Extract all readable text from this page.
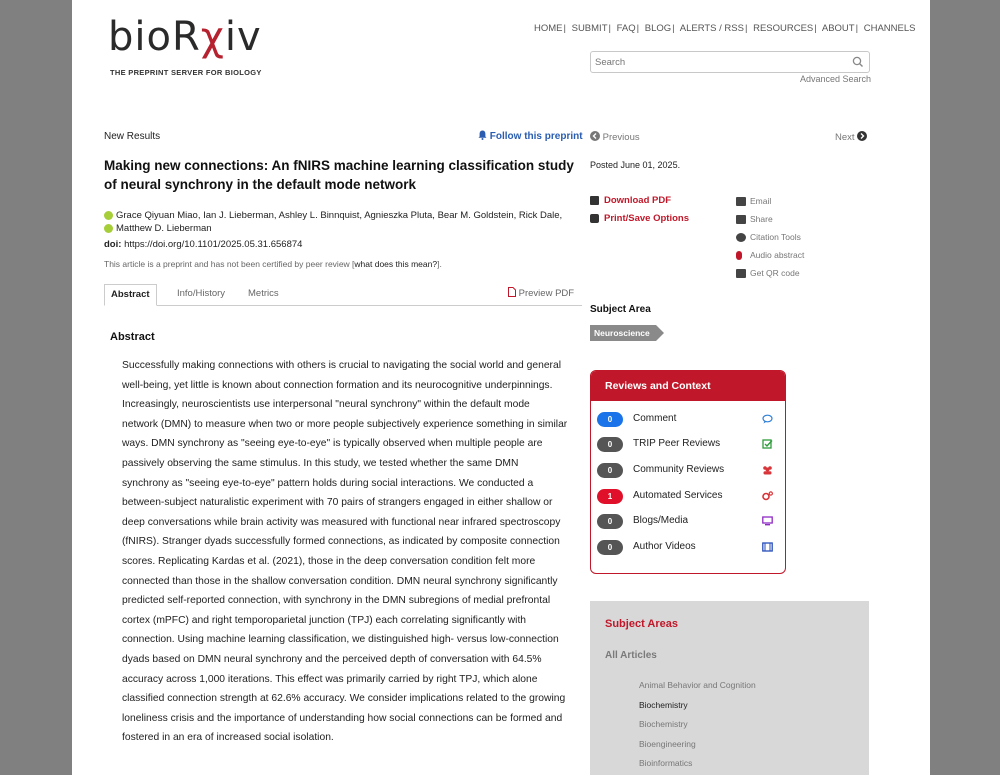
bioRχiv
THE PREPRINT SERVER FOR BIOLOGY
HOME| SUBMIT| FAQ| BLOG| ALERTS / RSS| RESOURCES| ABOUT| CHANNELS
Search
Advanced Search
New Results	Follow this preprint	Previous	Next
Making new connections: An fNIRS machine learning classification study of neural synchrony in the default mode network
Posted June 01, 2025.
Grace Qiyuan Miao, Ian J. Lieberman, Ashley L. Binnquist, Agnieszka Pluta, Bear M. Goldstein, Rick Dale,
Matthew D. Lieberman
doi: https://doi.org/10.1101/2025.05.31.656874
This article is a preprint and has not been certified by peer review [what does this mean?].
Abstract	Info/History Metrics	Preview PDF
Abstract
Successfully making connections with others is crucial to navigating the social world and general well-being, yet little is known about connection formation and its neurocognitive underpinnings. Increasingly, neuroscientists use interpersonal "neural synchrony" within the default mode network (DMN) to measure when two or more people subjectively experience something in similar ways. DMN synchrony as "seeing eye-to-eye" is typically observed when multiple people are passively observing the same stimulus. In this study, we tested whether the same DMN synchrony as "seeing eye-to-eye" pattern holds during social interactions. We conducted a between-subject naturalistic experiment with 70 pairs of strangers engaged in either shallow or deep conversations while brain activity was measured with functional near infrared spectroscopy (fNIRS). Stranger dyads successfully formed connections, as indicated by composite connection scores. Replicating Kardas et al. (2021), those in the deep conversation condition felt more connected than those in the shallow conversation condition. DMN neural synchrony significantly predicted self-reported connection, with synchrony in the DMN subregions of medial prefrontal cortex (mPFC) and right temporoparietal junction (TPJ) each correlating significantly with connection. Using machine learning classification, we distinguished high- versus low-connection dyads based on DMN neural synchrony and the perceived depth of conversation with 64.5% accuracy across 1,000 iterations. This effect was primarily carried by right TPJ, which alone classified connection strength at 62.6% accuracy. We consider implications related to the growing loneliness crisis and the importance of understanding how social connections can be formed and fostered in an era of increased social isolation.
Download PDF
Print/Save Options
Email
Share
Citation Tools
Audio abstract
Get QR code
Subject Area
Neuroscience
Reviews and Context
0	Comment
0	TRIP Peer Reviews
0	Community Reviews
1	Automated Services
0	Blogs/Media
0	Author Videos
Subject Areas
All Articles
Animal Behavior and Cognition
Biochemistry
Biochemistry
Bioengineering
Bioinformatics
